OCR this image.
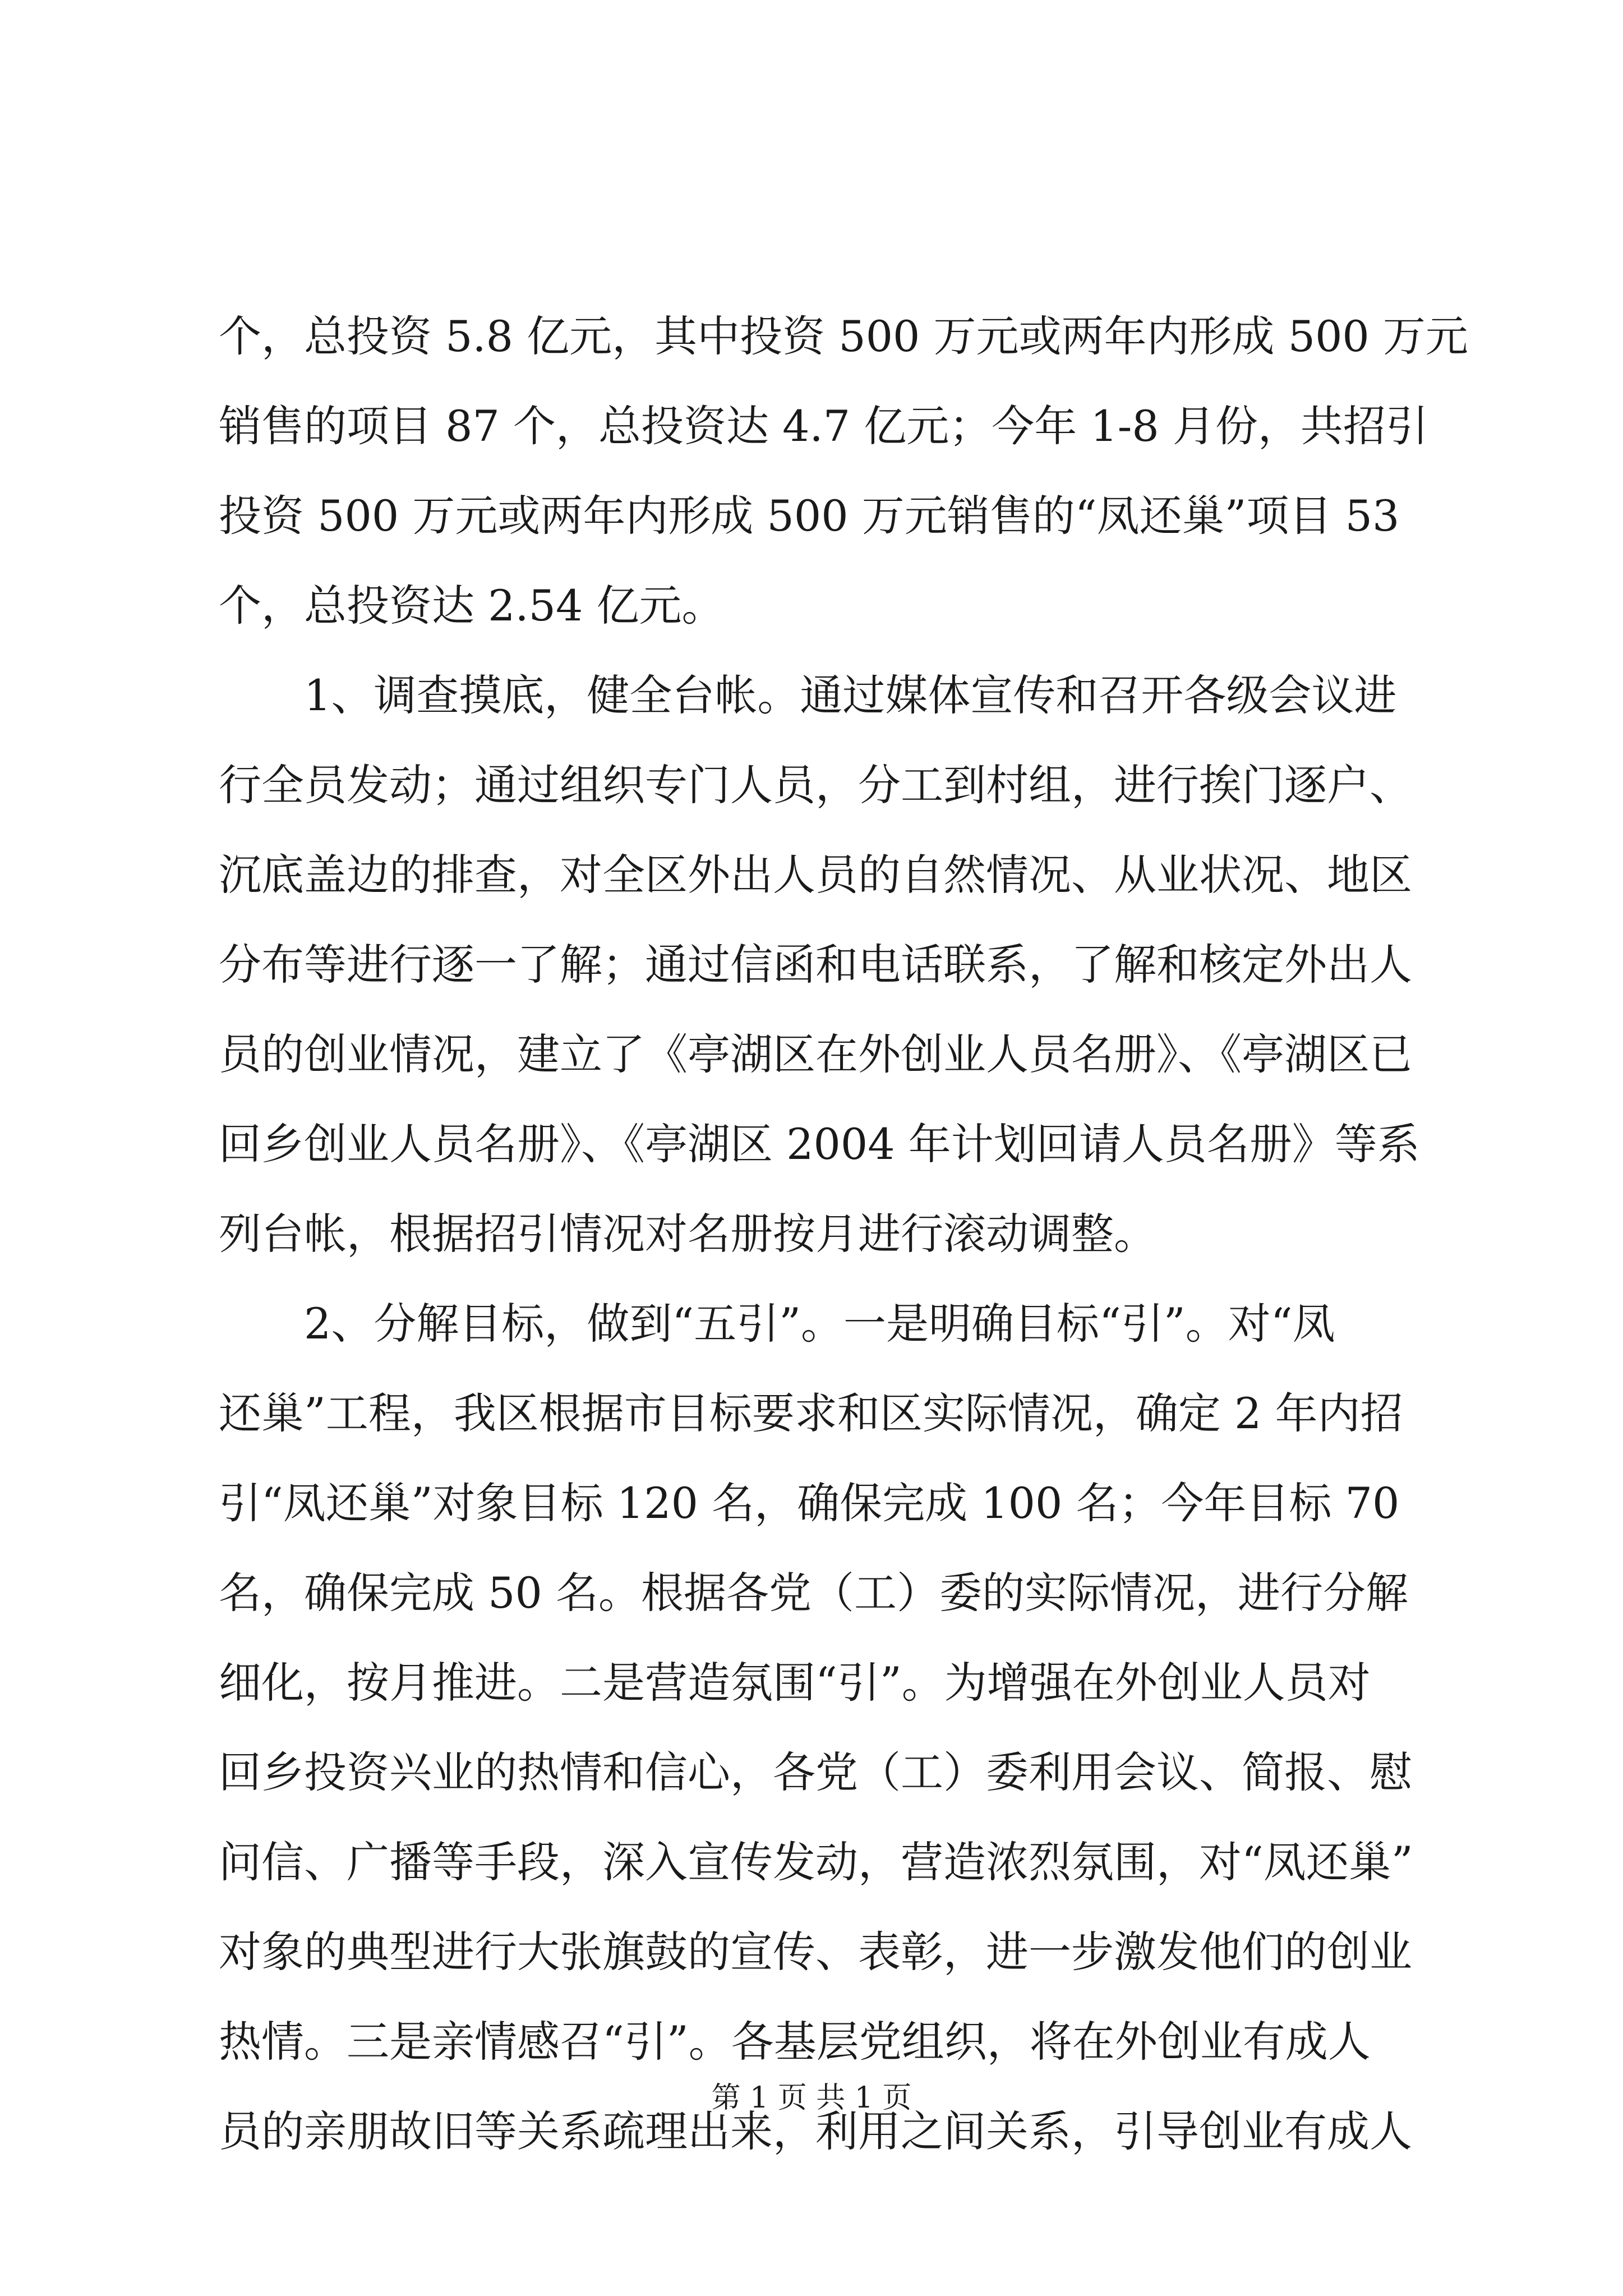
个，总投资 5.8 亿元，其中投资 500 万元或两年内形成 500 万元
销售的项目 87 个，总投资达 4.7 亿元；今年 1-8 月份，共招引
投资 500 万元或两年内形成 500 万元销售的“凤还巢”项目 53
个，总投资达 2.54 亿元。
1、调查摸底，健全台帐。通过媒体宣传和召开各级会议进
行全员发动；通过组织专门人员，分工到村组，进行挨门逐户、
沉底盖边的排查，对全区外出人员的自然情况、从业状况、地区
分布等进行逐一了解；通过信函和电话联系，了解和核定外出人
员的创业情况，建立了《亭湖区在外创业人员名册》、《亭湖区已
回乡创业人员名册》、《亭湖区 2004 年计划回请人员名册》等系
列台帐，根据招引情况对名册按月进行滚动调整。
2、分解目标，做到“五引”。一是明确目标“引”。对“凤
还巢”工程，我区根据市目标要求和区实际情况，确定 2 年内招
引“凤还巢”对象目标 120 名，确保完成 100 名；今年目标 70
名，确保完成 50 名。根据各党（工）委的实际情况，进行分解
细化，按月推进。二是营造氛围“引”。为增强在外创业人员对
回乡投资兴业的热情和信心，各党（工）委利用会议、简报、慰
问信、广播等手段，深入宣传发动，营造浓烈氛围，对“凤还巢”
对象的典型进行大张旗鼓的宣传、表彰，进一步激发他们的创业
热情。三是亲情感召“引”。各基层党组织，将在外创业有成人
员的亲朋故旧等关系疏理出来，利用之间关系，引导创业有成人
第 1 页 共 1 页
